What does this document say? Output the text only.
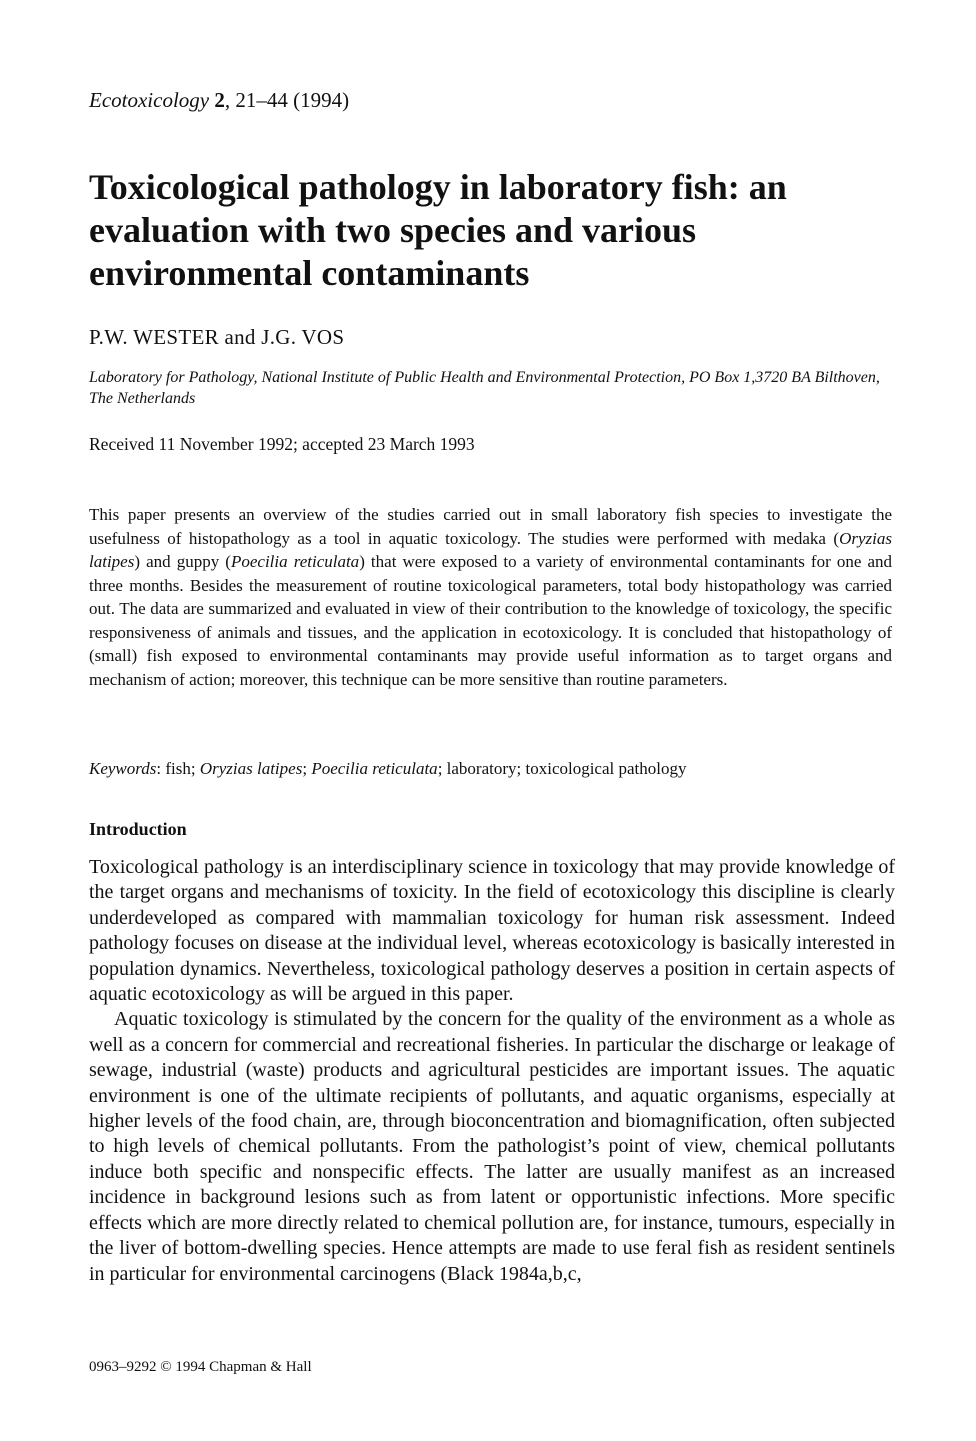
Ecotoxicology 2, 21–44 (1994)
Toxicological pathology in laboratory fish: an evaluation with two species and various environmental contaminants
P.W. WESTER and J.G. VOS
Laboratory for Pathology, National Institute of Public Health and Environmental Protection, PO Box 1,3720 BA Bilthoven, The Netherlands
Received 11 November 1992; accepted 23 March 1993

This paper presents an overview of the studies carried out in small laboratory fish species to investigate the usefulness of histopathology as a tool in aquatic toxicology. The studies were performed with medaka (Oryzias latipes) and guppy (Poecilia reticulata) that were exposed to a variety of environmental contaminants for one and three months. Besides the measurement of routine toxicological parameters, total body histopathology was carried out. The data are summarized and evaluated in view of their contribution to the knowledge of toxicology, the specific responsiveness of animals and tissues, and the application in ecotoxicology. It is concluded that histopathology of (small) fish exposed to environmental contaminants may provide useful information as to target organs and mechanism of action; moreover, this technique can be more sensitive than routine parameters.

Keywords: fish; Oryzias latipes; Poecilia reticulata; laboratory; toxicological pathology
Introduction

Toxicological pathology is an interdisciplinary science in toxicology that may provide knowledge of the target organs and mechanisms of toxicity. In the field of ecotoxicology this discipline is clearly underdeveloped as compared with mammalian toxicology for human risk assessment. Indeed pathology focuses on disease at the individual level, whereas ecotoxicology is basically interested in population dynamics. Nevertheless, toxicological pathology deserves a position in certain aspects of aquatic ecotoxicology as will be argued in this paper.

Aquatic toxicology is stimulated by the concern for the quality of the environment as a whole as well as a concern for commercial and recreational fisheries. In particular the discharge or leakage of sewage, industrial (waste) products and agricultural pesticides are important issues. The aquatic environment is one of the ultimate recipients of pollutants, and aquatic organisms, especially at higher levels of the food chain, are, through bioconcentration and biomagnification, often subjected to high levels of chemical pollutants. From the pathologist’s point of view, chemical pollutants induce both specific and nonspecific effects. The latter are usually manifest as an increased incidence in background lesions such as from latent or opportunistic infections. More specific effects which are more directly related to chemical pollution are, for instance, tumours, especially in the liver of bottom-dwelling species. Hence attempts are made to use feral fish as resident sentinels in particular for environmental carcinogens (Black 1984a,b,c,

0963–9292 © 1994 Chapman & Hall
